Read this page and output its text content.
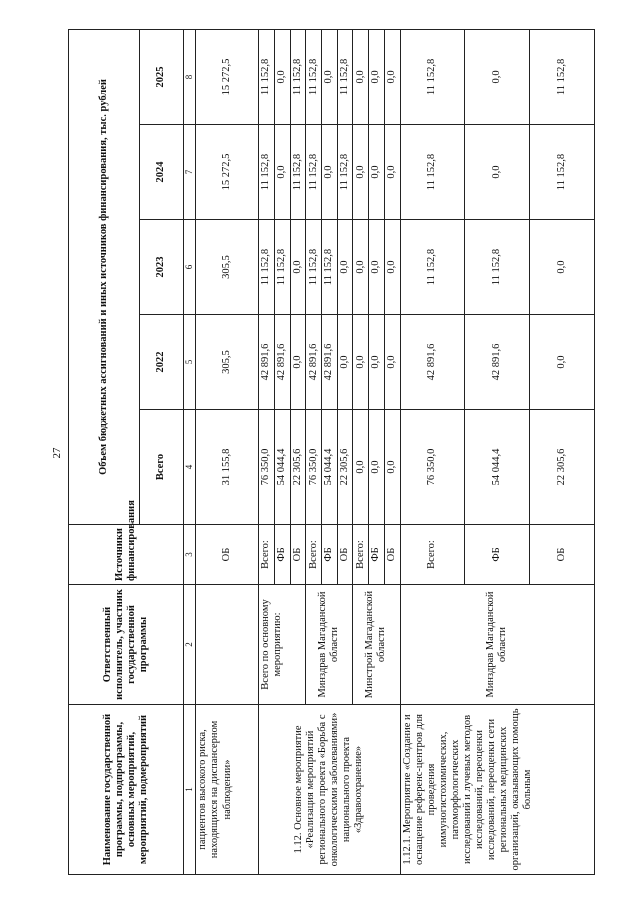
27
Наименование государственной программы, подпрограммы, основных мероприятий, мероприятий, подмероприятий	Ответственный исполнитель, участник государственной программы	Источники финансирования	Объем бюджетных ассигнований и иных источников финансирования, тыс. рублей				
			Всего	2022	2023	2024	2025
1	2	3	4	5	6	7	8
пациентов высокого риска, находящихся на диспансерном наблюдении»		ОБ	31 155,8	305,5	305,5	15 272,5	15 272,5
1.12. Основное мероприятие «Реализация мероприятий регионального проекта «Борьба с онкологическими заболеваниями» национального проекта «Здравоохранение»	Всего по основному мероприятию:	Всего:	76 350,0	42 891,6	11 152,8	11 152,8	11 152,8
		ФБ	54 044,4	42 891,6	11 152,8	0,0	0,0
		ОБ	22 305,6	0,0	0,0	11 152,8	11 152,8
	Минздрав Магаданской области	Всего:	76 350,0	42 891,6	11 152,8	11 152,8	11 152,8
		ФБ	54 044,4	42 891,6	11 152,8	0,0	0,0
		ОБ	22 305,6	0,0	0,0	11 152,8	11 152,8
	Минстрой Магаданской области	Всего:	0,0	0,0	0,0	0,0	0,0
		ФБ	0,0	0,0	0,0	0,0	0,0
		ОБ	0,0	0,0	0,0	0,0	0,0
1.12.1. Мероприятие «Создание и оснащение референс-центров для проведения иммуногистохимических, патоморфологических исследований и лучевых методов исследований, переоценки исследований, переоценки сети региональных медицинских организаций, оказывающих помощь больным	Минздрав Магаданской области	Всего:	76 350,0	42 891,6	11 152,8	11 152,8	11 152,8
		ФБ	54 044,4	42 891,6	11 152,8	0,0	0,0
		ОБ	22 305,6	0,0	0,0	11 152,8	11 152,8
